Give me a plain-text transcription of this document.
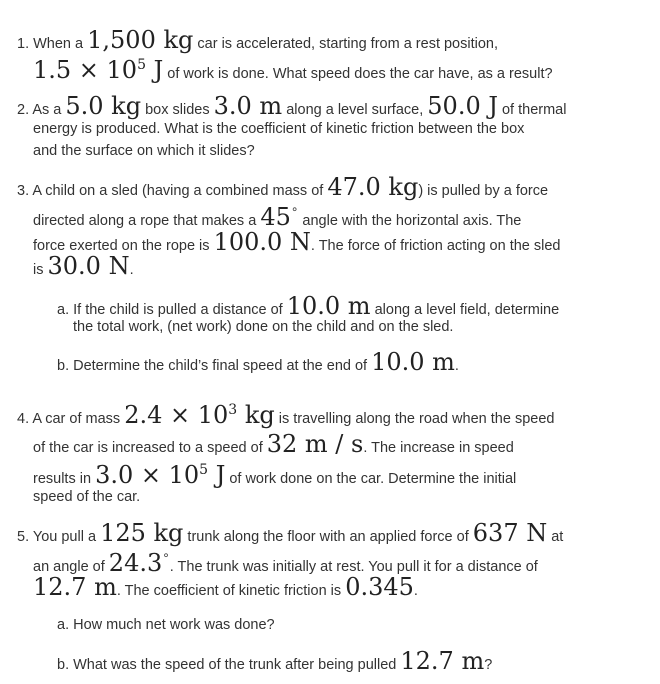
1. When a 1,500 kg car is accelerated, starting from a rest position,
$1.5 \times 10^5$ J of work is done. What speed does the car have, as a result?
2. As a 5.0 kg box slides 3.0 m along a level surface, 50.0 J of thermal
energy is produced. What is the coefficient of kinetic friction between the box
and the surface on which it slides?
3. A child on a sled (having a combined mass of 47.0 kg) is pulled by a force
directed along a rope that makes a 45∘ angle with the horizontal axis. The
force exerted on the rope is 100.0 N. The force of friction acting on the sled
is 30.0 N.
a. If the child is pulled a distance of 10.0 m along a level field, determine
the total work, (net work) done on the child and on the sled.
b. Determine the child’s final speed at the end of 10.0 m.
4. A car of mass $2.4 \times 10^3$ kg is travelling along the road when the speed
of the car is increased to a speed of 32 m / s. The increase in speed
results in $3.0 \times 10^5$ J of work done on the car. Determine the initial
speed of the car.
5. You pull a 125 kg trunk along the floor with an applied force of 637 N at
an angle of 24.3∘. The trunk was initially at rest. You pull it for a distance of
12.7 m. The coefficient of kinetic friction is 0.345.
a. How much net work was done?
b. What was the speed of the trunk after being pulled 12.7 m?
